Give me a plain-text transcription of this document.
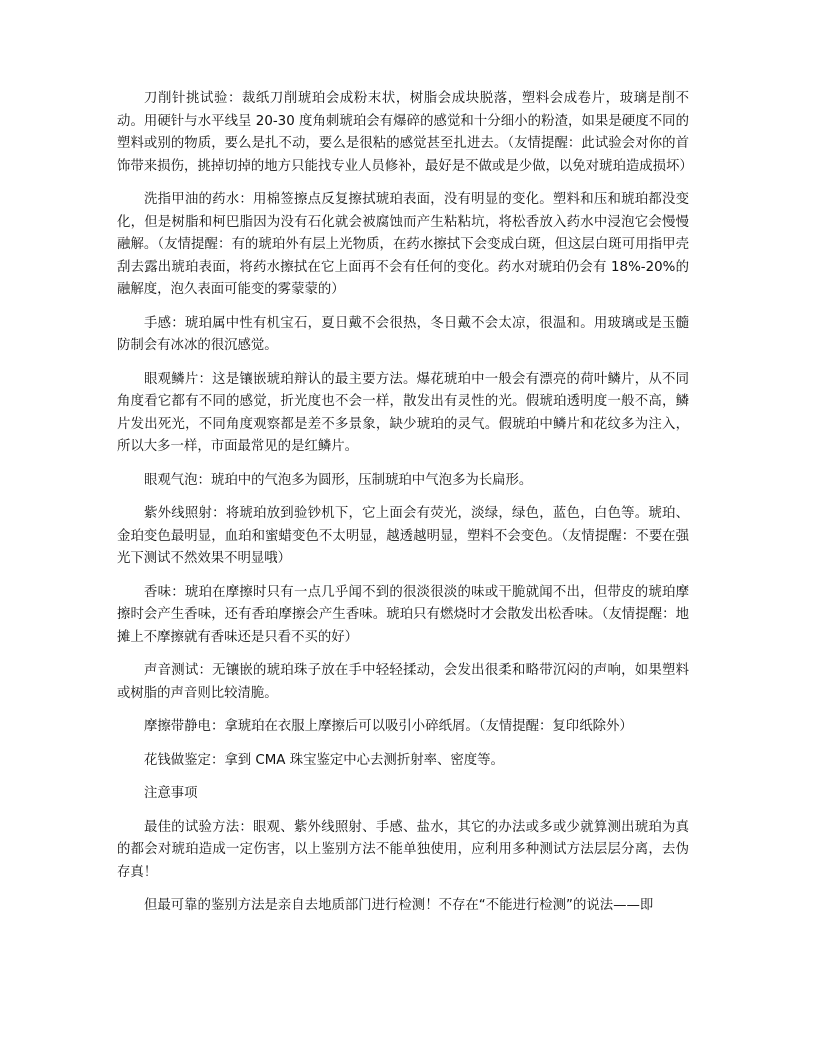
刀削针挑试验：裁纸刀削琥珀会成粉末状，树脂会成块脱落，塑料会成卷片，玻璃是削不动。用硬针与水平线呈 20-30 度角刺琥珀会有爆碎的感觉和十分细小的粉渣，如果是硬度不同的塑料或别的物质，要么是扎不动，要么是很粘的感觉甚至扎进去。（友情提醒：此试验会对你的首饰带来损伤，挑掉切掉的地方只能找专业人员修补，最好是不做或是少做，以免对琥珀造成损坏）

洗指甲油的药水：用棉签擦点反复擦拭琥珀表面，没有明显的变化。塑料和压和琥珀都没变化，但是树脂和柯巴脂因为没有石化就会被腐蚀而产生粘粘坑，将松香放入药水中浸泡它会慢慢融解。（友情提醒：有的琥珀外有层上光物质，在药水擦拭下会变成白斑，但这层白斑可用指甲壳刮去露出琥珀表面，将药水擦拭在它上面再不会有任何的变化。药水对琥珀仍会有 18%-20%的融解度，泡久表面可能变的雾蒙蒙的）

手感：琥珀属中性有机宝石，夏日戴不会很热，冬日戴不会太凉，很温和。用玻璃或是玉髓防制会有冰冰的很沉感觉。

眼观鳞片：这是镶嵌琥珀辩认的最主要方法。爆花琥珀中一般会有漂亮的荷叶鳞片，从不同角度看它都有不同的感觉，折光度也不会一样，散发出有灵性的光。假琥珀透明度一般不高，鳞片发出死光，不同角度观察都是差不多景象，缺少琥珀的灵气。假琥珀中鳞片和花纹多为注入，所以大多一样，市面最常见的是红鳞片。

眼观气泡：琥珀中的气泡多为圆形，压制琥珀中气泡多为长扁形。

紫外线照射：将琥珀放到验钞机下，它上面会有荧光，淡绿，绿色，蓝色，白色等。琥珀、金珀变色最明显，血珀和蜜蜡变色不太明显，越透越明显，塑料不会变色。（友情提醒：不要在强光下测试不然效果不明显哦）

香味：琥珀在摩擦时只有一点几乎闻不到的很淡很淡的味或干脆就闻不出，但带皮的琥珀摩擦时会产生香味，还有香珀摩擦会产生香味。琥珀只有燃烧时才会散发出松香味。（友情提醒：地摊上不摩擦就有香味还是只看不买的好）

声音测试：无镶嵌的琥珀珠子放在手中轻轻揉动，会发出很柔和略带沉闷的声响，如果塑料或树脂的声音则比较清脆。

摩擦带静电：拿琥珀在衣服上摩擦后可以吸引小碎纸屑。（友情提醒：复印纸除外）

花钱做鉴定：拿到 CMA 珠宝鉴定中心去测折射率、密度等。

注意事项

最佳的试验方法：眼观、紫外线照射、手感、盐水，其它的办法或多或少就算测出琥珀为真的都会对琥珀造成一定伤害，以上鉴别方法不能单独使用，应利用多种测试方法层层分离，去伪存真！

但最可靠的鉴别方法是亲自去地质部门进行检测！不存在“不能进行检测”的说法——即
